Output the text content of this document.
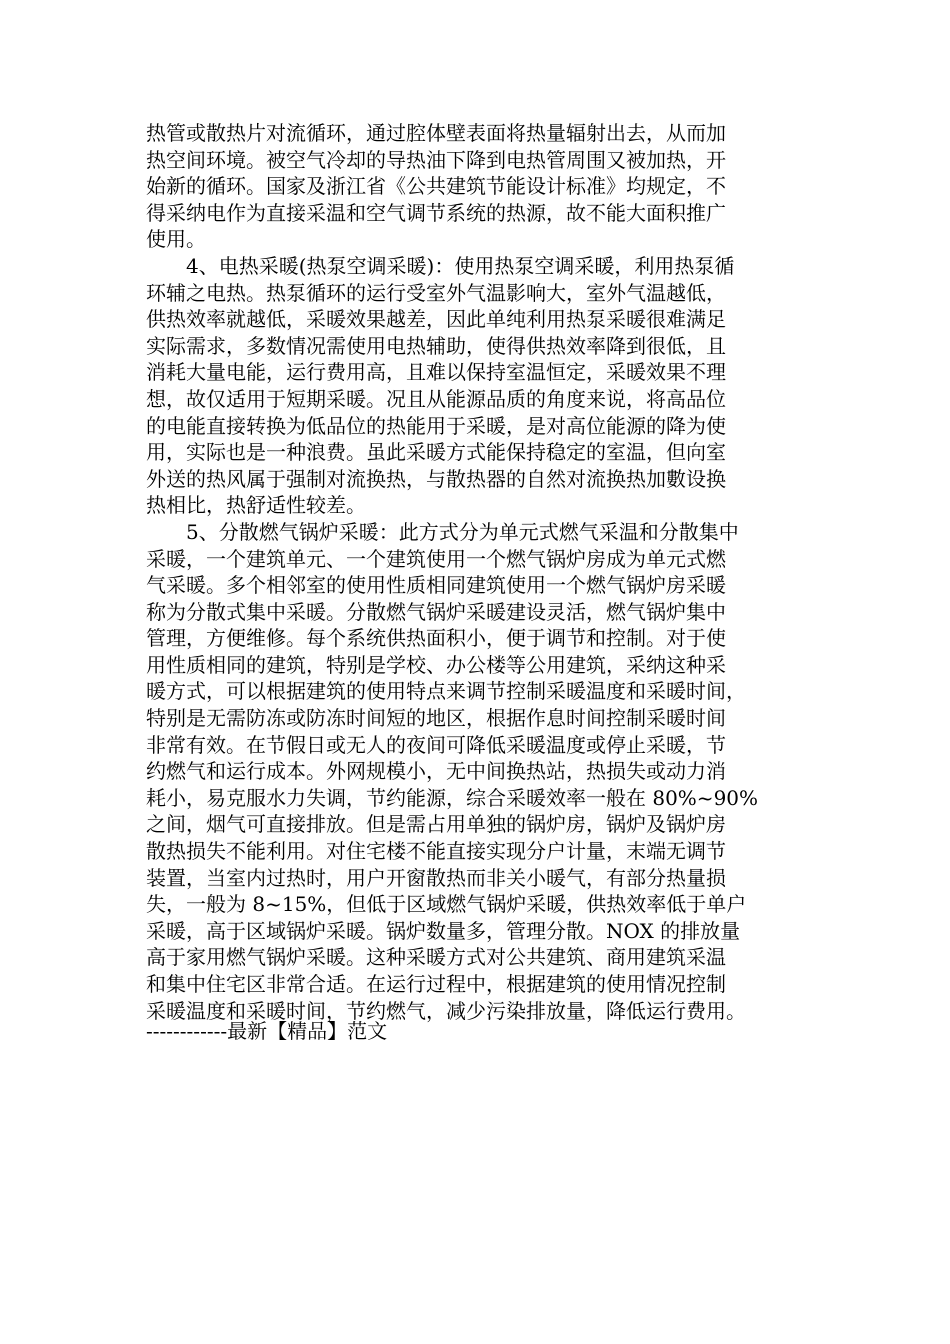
热管或散热片对流循环，通过腔体壁表面将热量辐射出去，从而加
热空间环境。被空气冷却的导热油下降到电热管周围又被加热，开
始新的循环。国家及浙江省《公共建筑节能设计标准》均规定，不
得采纳电作为直接采温和空气调节系统的热源，故不能大面积推广
使用。
4、电热采暖(热泵空调采暖)：使用热泵空调采暖，利用热泵循
环辅之电热。热泵循环的运行受室外气温影响大，室外气温越低，
供热效率就越低，采暖效果越差，因此单纯利用热泵采暖很难满足
实际需求，多数情况需使用电热辅助，使得供热效率降到很低，且
消耗大量电能，运行费用高，且难以保持室温恒定，采暖效果不理
想，故仅适用于短期采暖。况且从能源品质的角度来说，将高品位
的电能直接转换为低品位的热能用于采暖，是对高位能源的降为使
用，实际也是一种浪费。虽此采暖方式能保持稳定的室温，但向室
外送的热风属于强制对流换热，与散热器的自然对流换热加數设换
热相比，热舒适性较差。
5、分散燃气锅炉采暖：此方式分为单元式燃气采温和分散集中
采暖，一个建筑单元、一个建筑使用一个燃气锅炉房成为单元式燃
气采暖。多个相邻室的使用性质相同建筑使用一个燃气锅炉房采暖
称为分散式集中采暖。分散燃气锅炉采暖建设灵活，燃气锅炉集中
管理，方便维修。每个系统供热面积小，便于调节和控制。对于使
用性质相同的建筑，特别是学校、办公楼等公用建筑，采纳这种采
暖方式，可以根据建筑的使用特点来调节控制采暖温度和采暖时间，
特别是无需防冻或防冻时间短的地区，根据作息时间控制采暖时间
非常有效。在节假日或无人的夜间可降低采暖温度或停止采暖，节
约燃气和运行成本。外网规模小，无中间换热站，热损失或动力消
耗小，易克服水力失调，节约能源，综合采暖效率一般在 80%~90%
之间，烟气可直接排放。但是需占用单独的锅炉房，锅炉及锅炉房
散热损失不能利用。对住宅楼不能直接实现分户计量，末端无调节
装置，当室内过热时，用户开窗散热而非关小暖气，有部分热量损
失，一般为 8~15%，但低于区域燃气锅炉采暖，供热效率低于单户
采暖，高于区域锅炉采暖。锅炉数量多，管理分散。NOX 的排放量
高于家用燃气锅炉采暖。这种采暖方式对公共建筑、商用建筑采温
和集中住宅区非常合适。在运行过程中，根据建筑的使用情况控制
采暖温度和采暖时间，节约燃气，减少污染排放量，降低运行费用。
------------最新【精品】范文
